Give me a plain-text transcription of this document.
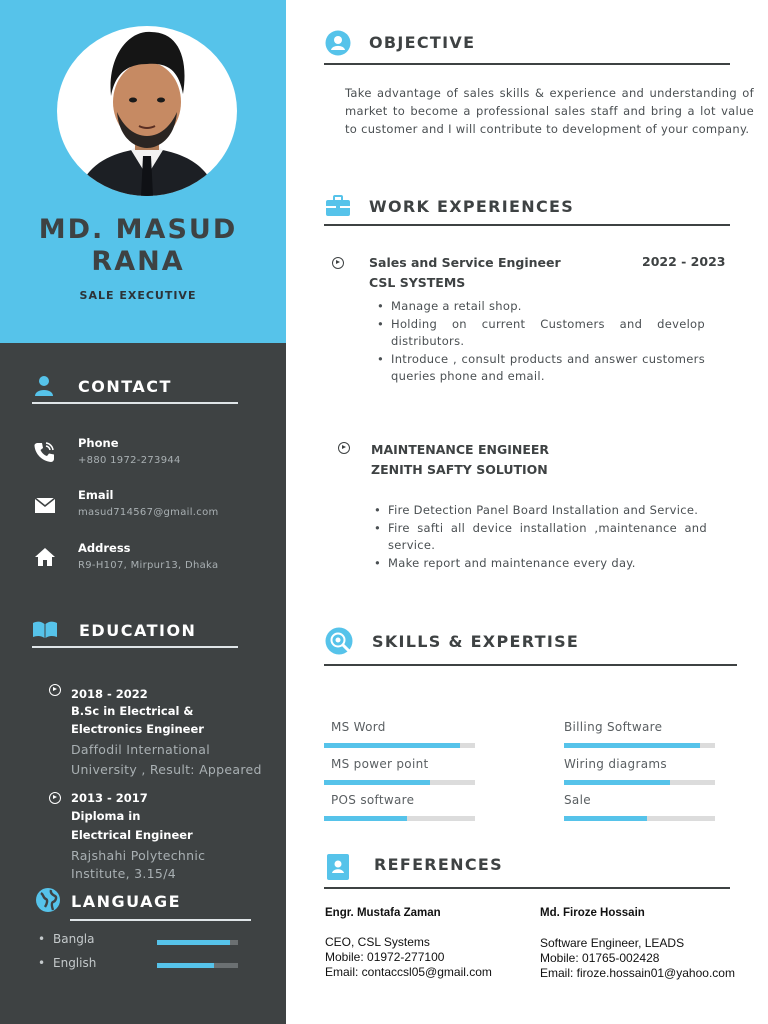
MD. MASUD RANA
SALE EXECUTIVE
CONTACT
Phone
+880 1972-273944
Email
masud714567@gmail.com
Address
R9-H107, Mirpur13, Dhaka
EDUCATION
2018 - 2022
B.Sc in Electrical &
Electronics Engineer
Daffodil International
University , Result: Appeared
2013 - 2017
Diploma in
Electrical Engineer
Rajshahi Polytechnic
Institute, 3.15/4
LANGUAGE
• Bangla
• English
OBJECTIVE
Take advantage of sales skills & experience and understanding of market to become a professional sales staff and bring a lot value to customer and I will contribute to development of your company.
WORK EXPERIENCES
Sales and Service Engineer
CSL SYSTEMS
2022 - 2023
• Manage a retail shop.
• Holding on current Customers and develop distributors.
• Introduce , consult products and answer customers queries phone and email.
MAINTENANCE ENGINEER
ZENITH SAFTY SOLUTION
• Fire Detection Panel Board Installation and Service.
• Fire safti all device installation ,maintenance and service.
• Make report and maintenance every day.
SKILLS & EXPERTISE
MS Word	Billing Software
MS power point	Wiring diagrams
POS software	Sale
REFERENCES
Engr. Mustafa Zaman
CEO, CSL Systems
Mobile: 01972-277100
Email: contaccsl05@gmail.com
Md. Firoze Hossain
Software Engineer, LEADS
Mobile: 01765-002428
Email: firoze.hossain01@yahoo.com
